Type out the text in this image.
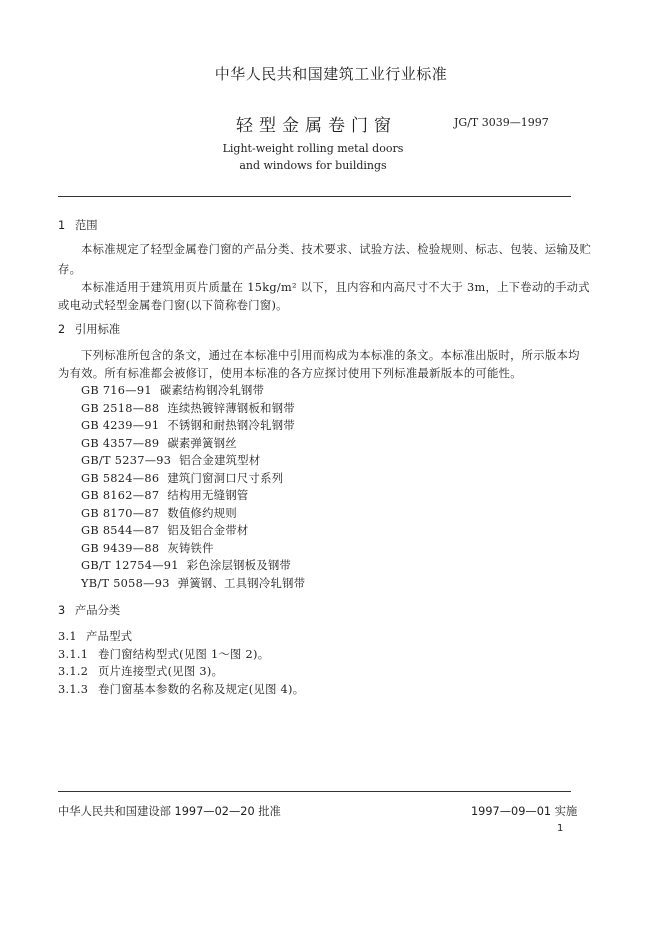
中华人民共和国建筑工业行业标准
轻型金属卷门窗	JG/T 3039—1997
Light-weight rolling metal doors
and windows for buildings
1 范围
本标准规定了轻型金属卷门窗的产品分类、技术要求、试验方法、检验规则、标志、包装、运输及贮
存。
本标准适用于建筑用页片质量在 15kg/m² 以下，且内容和内高尺寸不大于 3m，上下卷动的手动式
或电动式轻型金属卷门窗(以下简称卷门窗)。
2 引用标准
下列标准所包含的条文，通过在本标准中引用而构成为本标准的条文。本标准出版时，所示版本均
为有效。所有标准都会被修订，使用本标准的各方应探讨使用下列标准最新版本的可能性。
GB 716—91 碳素结构钢冷轧钢带
GB 2518—88 连续热镀锌薄钢板和钢带
GB 4239—91 不锈钢和耐热钢冷轧钢带
GB 4357—89 碳素弹簧钢丝
GB/T 5237—93 铝合金建筑型材
GB 5824—86 建筑门窗洞口尺寸系列
GB 8162—87 结构用无缝钢管
GB 8170—87 数值修约规则
GB 8544—87 铝及铝合金带材
GB 9439—88 灰铸铁件
GB/T 12754—91 彩色涂层钢板及钢带
YB/T 5058—93 弹簧钢、工具钢冷轧钢带
3 产品分类
3.1 产品型式
3.1.1 卷门窗结构型式(见图 1～图 2)。
3.1.2 页片连接型式(见图 3)。
3.1.3 卷门窗基本参数的名称及规定(见图 4)。
中华人民共和国建设部 1997—02—20 批准	1997—09—01 实施
1
